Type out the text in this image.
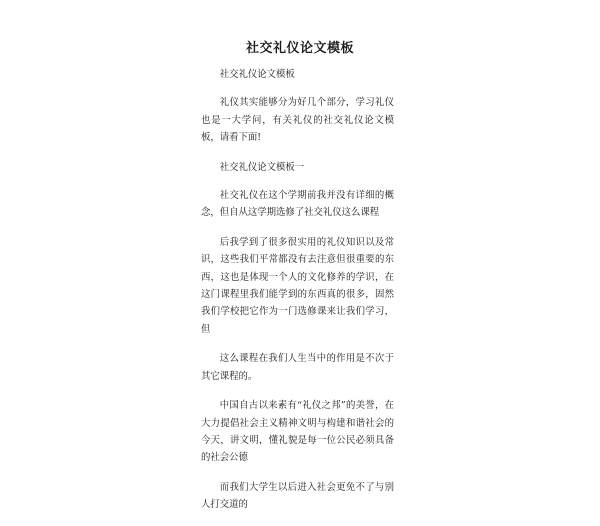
社交礼仪论文模板

社交礼仪论文模板

礼仪其实能够分为好几个部分，学习礼仪也是一大学问，有关礼仪的社交礼仪论文模板，请看下面!

社交礼仪论文模板一

社交礼仪在这个学期前我并没有详细的概念，但自从这学期选修了社交礼仪这么课程

后我学到了很多很实用的礼仪知识以及常识，这些我们平常都没有去注意但很重要的东西，这也是体现一个人的文化修养的学识，在这门课程里我们能学到的东西真的很多，固然我们学校把它作为一门选修课来让我们学习，但

这么课程在我们人生当中的作用是不次于其它课程的。

中国自古以来素有“礼仪之邦”的美誉，在大力提倡社会主义精神文明与构建和谐社会的今天，讲文明，懂礼貌是每一位公民必须具备的社会公德

而我们大学生以后进入社会更免不了与别人打交道的
